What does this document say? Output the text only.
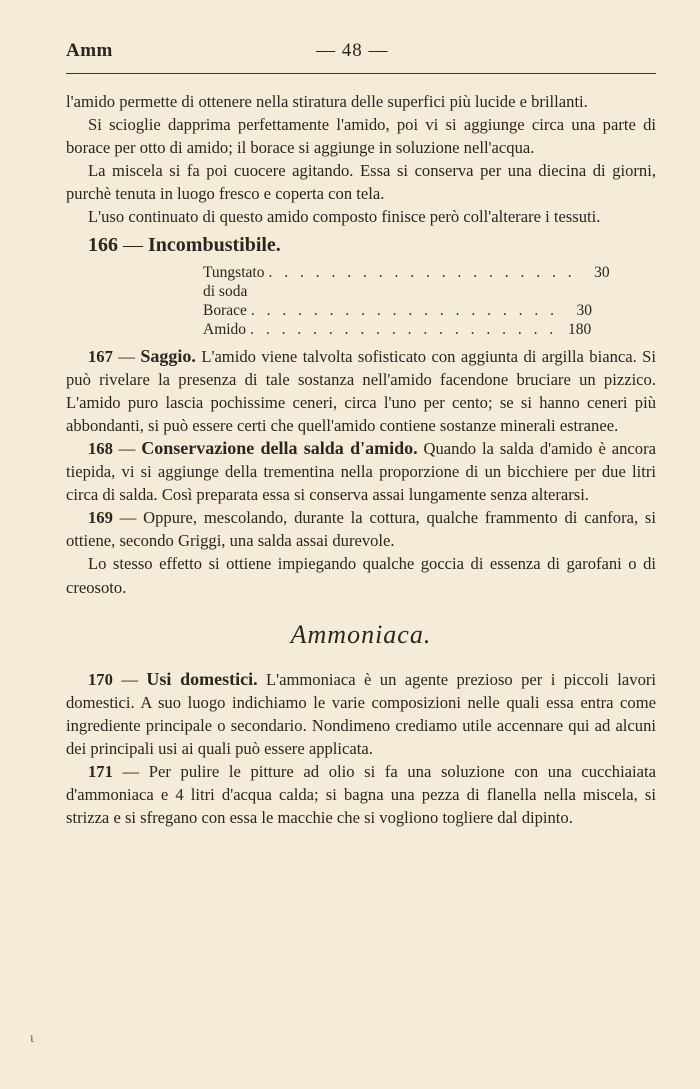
Amm	— 48 —

l'amido permette di ottenere nella stiratura delle superfici più lucide e brillanti.

Si scioglie dapprima perfettamente l'amido, poi vi si aggiunge circa una parte di borace per otto di amido; il borace si aggiunge in soluzione nell'acqua.

La miscela si fa poi cuocere agitando. Essa si conserva per una diecina di giorni, purchè tenuta in luogo fresco e coperta con tela.

L'uso continuato di questo amido composto finisce però coll'alterare i tessuti.

166 — Incombustibile.

Tungstato di soda
. . . . . . . . . . . . . . . . . . . .	30
Borace . . . . . . . . . . . . . . . . . . . .	30
Amido . . . . . . . . . . . . . . . . . . . . 180

167 — Saggio. L'amido viene talvolta sofisticato con aggiunta di argilla bianca. Si può rivelare la presenza di tale sostanza nell'amido facendone bruciare un pizzico. L'amido puro lascia pochissime ceneri, circa l'uno per cento; se si hanno ceneri più abbondanti, si può essere certi che quell'amido contiene sostanze minerali estranee.

168 — Conservazione della salda d'amido. Quando la salda d'amido è ancora tiepida, vi si aggiunge della trementina nella proporzione di un bicchiere per due litri circa di salda. Così preparata essa si conserva assai lungamente senza alterarsi.

169 — Oppure, mescolando, durante la cottura, qualche frammento di canfora, si ottiene, secondo Griggi, una salda assai durevole.

Lo stesso effetto si ottiene impiegando qualche goccia di essenza di garofani o di creosoto.

Ammoniaca.

170 — Usi domestici. L'ammoniaca è un agente prezioso per i piccoli lavori domestici. A suo luogo indichiamo le varie composizioni nelle quali essa entra come ingrediente principale o secondario. Nondimeno crediamo utile accennare qui ad alcuni dei principali usi ai quali può essere applicata.

171 — Per pulire le pitture ad olio si fa una soluzione con una cucchiaiata d'ammoniaca e 4 litri d'acqua calda; si bagna una pezza di flanella nella miscela, si strizza e si sfregano con essa le macchie che si vogliono togliere dal dipinto.

ι
